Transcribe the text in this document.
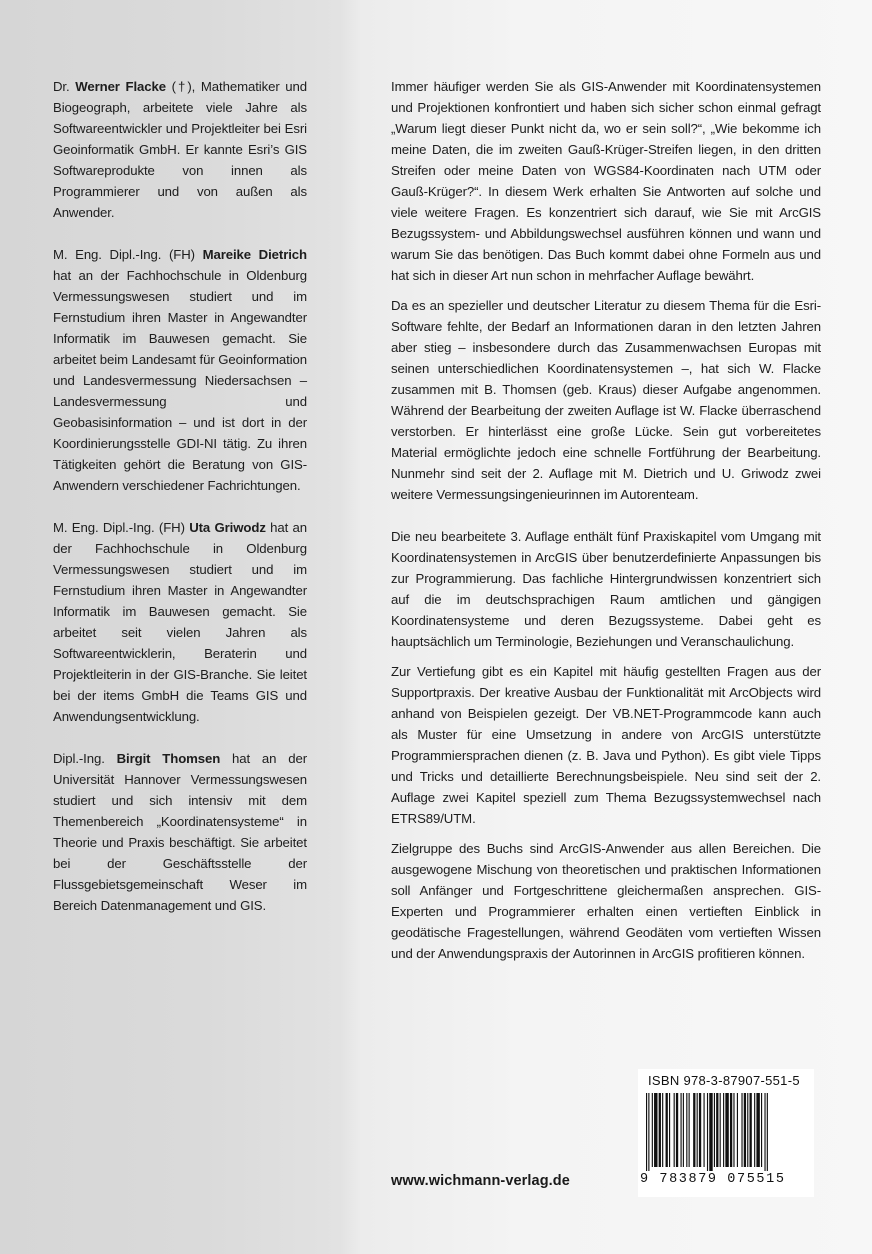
Dr. Werner Flacke (†), Mathematiker und Biogeograph, arbeitete viele Jahre als Softwareentwickler und Projektleiter bei Esri Geoinformatik GmbH. Er kannte Esri’s GIS Softwareprodukte von innen als Programmierer und von außen als Anwender.

M. Eng. Dipl.-Ing. (FH) Mareike Dietrich hat an der Fachhochschule in Oldenburg Vermessungswesen studiert und im Fernstudium ihren Master in Angewandter Informatik im Bauwesen gemacht. Sie arbeitet beim Landesamt für Geoinformation und Landesvermessung Niedersachsen – Landesvermessung und Geobasisinformation – und ist dort in der Koordinierungsstelle GDI-NI tätig. Zu ihren Tätigkeiten gehört die Beratung von GIS-Anwendern verschiedener Fachrichtungen.

M. Eng. Dipl.-Ing. (FH) Uta Griwodz hat an der Fachhochschule in Oldenburg Vermessungswesen studiert und im Fernstudium ihren Master in Angewandter Informatik im Bauwesen gemacht. Sie arbeitet seit vielen Jahren als Softwareentwicklerin, Beraterin und Projektleiterin in der GIS-Branche. Sie leitet bei der items GmbH die Teams GIS und Anwendungsentwicklung.

Dipl.-Ing. Birgit Thomsen hat an der Universität Hannover Vermessungswesen studiert und sich intensiv mit dem Themenbereich „Koordinatensysteme“ in Theorie und Praxis beschäftigt. Sie arbeitet bei der Geschäftsstelle der Flussgebietsgemeinschaft Weser im Bereich Datenmanagement und GIS.

Immer häufiger werden Sie als GIS-Anwender mit Koordinatensystemen und Projektionen konfrontiert und haben sich sicher schon einmal gefragt „Warum liegt dieser Punkt nicht da, wo er sein soll?“, „Wie bekomme ich meine Daten, die im zweiten Gauß-Krüger-Streifen liegen, in den dritten Streifen oder meine Daten von WGS84-Koordinaten nach UTM oder Gauß-Krüger?“. In diesem Werk erhalten Sie Antworten auf solche und viele weitere Fragen. Es konzentriert sich darauf, wie Sie mit ArcGIS Bezugssystem- und Abbildungswechsel ausführen können und wann und warum Sie das benötigen. Das Buch kommt dabei ohne Formeln aus und hat sich in dieser Art nun schon in mehrfacher Auflage bewährt.

Da es an spezieller und deutscher Literatur zu diesem Thema für die Esri-Software fehlte, der Bedarf an Informationen daran in den letzten Jahren aber stieg – insbesondere durch das Zusammenwachsen Europas mit seinen unterschiedlichen Koordinatensystemen –, hat sich W. Flacke zusammen mit B. Thomsen (geb. Kraus) dieser Aufgabe angenommen. Während der Bearbeitung der zweiten Auflage ist W. Flacke überraschend verstorben. Er hinterlässt eine große Lücke. Sein gut vorbereitetes Material ermöglichte jedoch eine schnelle Fortführung der Bearbeitung. Nunmehr sind seit der 2. Auflage mit M. Dietrich und U. Griwodz zwei weitere Vermessungsingenieurinnen im Autorenteam.

Die neu bearbeitete 3. Auflage enthält fünf Praxiskapitel vom Umgang mit Koordinatensystemen in ArcGIS über benutzerdefinierte Anpassungen bis zur Programmierung. Das fachliche Hintergrundwissen konzentriert sich auf die im deutschsprachigen Raum amtlichen und gängigen Koordinatensysteme und deren Bezugssysteme. Dabei geht es hauptsächlich um Terminologie, Beziehungen und Veranschaulichung.

Zur Vertiefung gibt es ein Kapitel mit häufig gestellten Fragen aus der Supportpraxis. Der kreative Ausbau der Funktionalität mit ArcObjects wird anhand von Beispielen gezeigt. Der VB.NET-Programmcode kann auch als Muster für eine Umsetzung in andere von ArcGIS unterstützte Programmiersprachen dienen (z. B. Java und Python). Es gibt viele Tipps und Tricks und detaillierte Berechnungsbeispiele. Neu sind seit der 2. Auflage zwei Kapitel speziell zum Thema Bezugssystemwechsel nach ETRS89/UTM.

Zielgruppe des Buchs sind ArcGIS-Anwender aus allen Bereichen. Die ausgewogene Mischung von theoretischen und praktischen Informationen soll Anfänger und Fortgeschrittene gleichermaßen ansprechen. GIS-Experten und Programmierer erhalten einen vertieften Einblick in geodätische Fragestellungen, während Geodäten vom vertieften Wissen und der Anwendungspraxis der Autorinnen in ArcGIS profitieren können.

ISBN 978-3-87907-551-5
9 783879 075515
www.wichmann-verlag.de
